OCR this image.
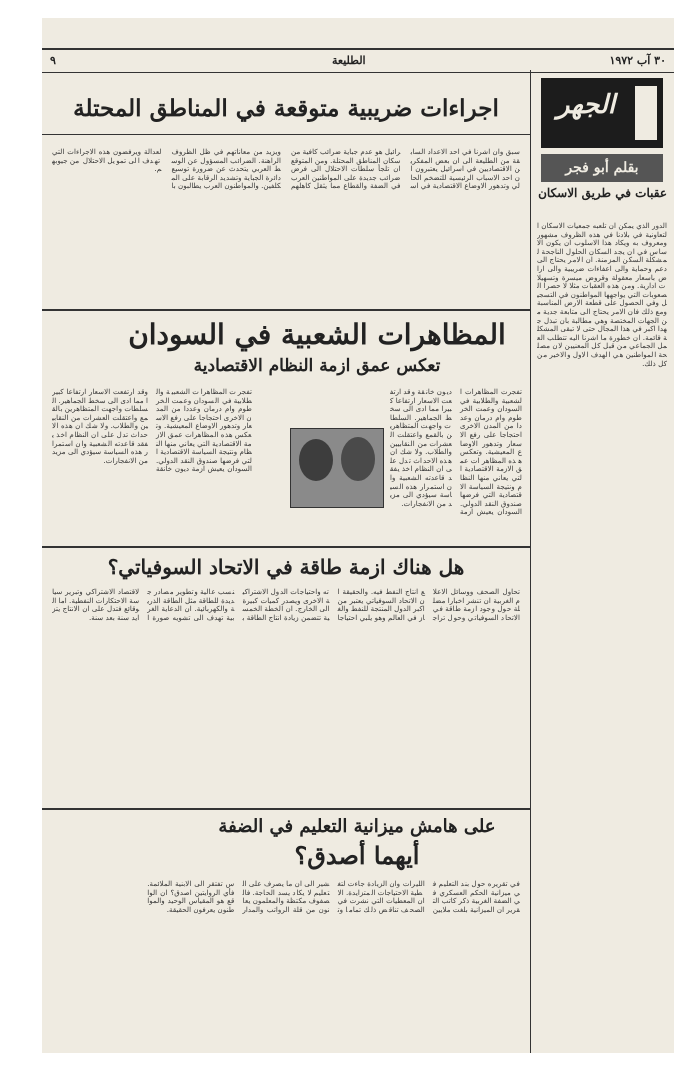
٩	الطليعة	٣٠ آب ١٩٧٢
الجهر
بقلم أبو فجر
عقبات في طريق الاسكان
الدور الذي يمكن ان تلعبه جمعيات الاسكان التعاونية في بلادنا في هذه الظروف مشهور ومعروف به ويكاد هذا الاسلوب ان يكون الاساس في ان يجد السكان الحلول الناجحة لمشكلة السكن المزمنة. ان الامر يحتاج الى دعم وحماية والى اعفاءات ضريبية والى اراض باسعار معقولة وقروض ميسرة وتسهيلات ادارية. ومن هذه العقبات مثلا لا حصرا الصعوبات التي يواجهها المواطنون في التسجيل وفي الحصول على قطعة الارض المناسبة ومع ذلك فان الامر يحتاج الى متابعة جدية من الجهات المختصة وهي مطالبة بان تبذل جهدا اكبر في هذا المجال حتى لا تبقى المشكلة قائمة. ان خطورة ما اشرنا اليه تتطلب العمل الجماعي من قبل كل المعنيين لان مصلحة المواطنين هي الهدف الاول والاخير من كل ذلك.
اجراءات ضريبية متوقعة في المناطق المحتلة
سبق وان اشرنا في احد الاعداد السابقة من الطليعة الى ان بعض المفكرين الاقتصاديين في اسرائيل يعتبرون ان احد الاسباب الرئيسية للتضخم الحالي وتدهور الاوضاع الاقتصادية في اسرائيل هو عدم جباية ضرائب كافية من سكان المناطق المحتلة. ومن المتوقع ان تلجأ سلطات الاحتلال الى فرض ضرائب جديدة على المواطنين العرب في الضفة والقطاع مما يثقل كاهلهم ويزيد من معاناتهم في ظل الظروف الراهنة. الضرائب المسؤول عن الوسط العربي يتحدث عن ضرورة توسيع دائرة الجباية وتشديد الرقابة على المكلفين. والمواطنون العرب يطالبون بالعدالة ويرفضون هذه الاجراءات التي تهدف الى تمويل الاحتلال من جيوبهم.
المظاهرات الشعبية في السودان
تعكس عمق ازمة النظام الاقتصادية
تفجرت المظاهرات الشعبية والطلابية في السودان وعمت الخرطوم وام درمان وعددا من المدن الاخرى احتجاجا على رفع الاسعار وتدهور الاوضاع المعيشية. وتعكس هذه المظاهرات عمق الازمة الاقتصادية التي يعاني منها النظام ونتيجة السياسة الاقتصادية التي فرضها صندوق النقد الدولي. السودان يعيش ازمة ديون خانقة وقد ارتفعت الاسعار ارتفاعا كبيرا مما ادى الى سخط الجماهير. السلطات واجهت المتظاهرين بالقمع واعتقلت العشرات من النقابيين والطلاب. ولا شك ان هذه الاحداث تدل على ان النظام اخذ يفقد قاعدته الشعبية وان استمرار هذه السياسة سيؤدي الى مزيد من الانفجارات.
تفجرت المظاهرات الشعبية والطلابية في السودان وعمت الخرطوم وام درمان وعددا من المدن الاخرى احتجاجا على رفع الاسعار وتدهور الاوضاع المعيشية. وتعكس هذه المظاهرات عمق الازمة الاقتصادية التي يعاني منها النظام ونتيجة السياسة الاقتصادية التي فرضها صندوق النقد الدولي. السودان يعيش ازمة ديون خانقة وقد ارتفعت الاسعار ارتفاعا كبيرا مما ادى الى سخط الجماهير. السلطات واجهت المتظاهرين بالقمع واعتقلت العشرات من النقابيين والطلاب. ولا شك ان هذه الاحداث تدل على ان النظام اخذ يفقد قاعدته الشعبية وان استمرار هذه السياسة سيؤدي الى مزيد من الانفجارات.
هل هناك ازمة طاقة في الاتحاد السوفياتي؟
تحاول الصحف ووسائل الاعلام الغربية ان تنشر اخبارا مضللة حول وجود ازمة طاقة في الاتحاد السوفياتي وحول تراجع انتاج النفط فيه. والحقيقة ان الاتحاد السوفياتي يعتبر من اكبر الدول المنتجة للنفط والغاز في العالم وهو يلبي احتياجاته واحتياجات الدول الاشتراكية الاخرى ويصدر كميات كبيرة الى الخارج. ان الخطة الخمسية تتضمن زيادة انتاج الطاقة بنسب عالية وتطوير مصادر جديدة للطاقة مثل الطاقة الذرية والكهربائية. ان الدعاية الغربية تهدف الى تشويه صورة الاقتصاد الاشتراكي وتبرير سياسة الاحتكارات النفطية. اما الوقائع فتدل على ان الانتاج يتزايد سنة بعد سنة.
على هامش ميزانية التعليم في الضفة
أيهما أصدق؟
في تقريره حول بند التعليم في ميزانية الحكم العسكري في الضفة الغربية ذكر كاتب التقرير ان الميزانية بلغت ملايين الليرات وان الزيادة جاءت لتغطية الاحتياجات المتزايدة. الا ان المعطيات التي نشرت في الصحف تناقض ذلك تماما وتشير الى ان ما يصرف على التعليم لا يكاد يسد الحاجة. فالصفوف مكتظة والمعلمون يعانون من قلة الرواتب والمدارس تفتقر الى الابنية الملائمة. فأي الروايتين اصدق؟ ان الواقع هو المقياس الوحيد والمواطنون يعرفون الحقيقة.
